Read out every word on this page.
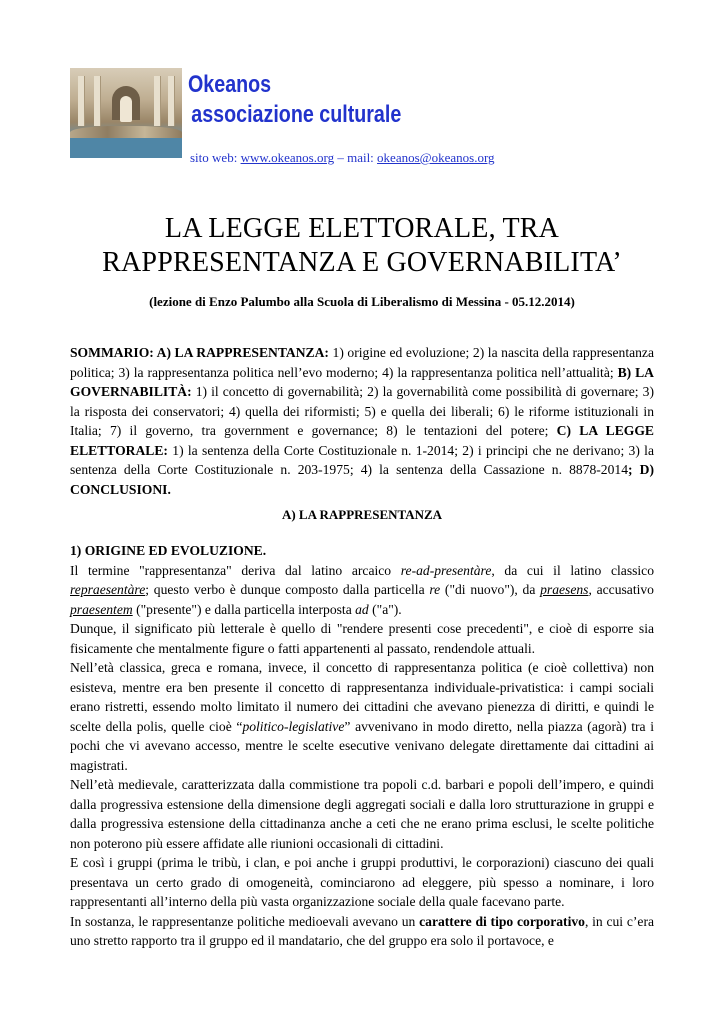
Okeanos
associazione culturale
sito web: www.okeanos.org – mail: okeanos@okeanos.org
LA LEGGE ELETTORALE, TRA
RAPPRESENTANZA E GOVERNABILITA’
(lezione di Enzo Palumbo alla Scuola di Liberalismo di Messina - 05.12.2014)
SOMMARIO: A) LA RAPPRESENTANZA: 1) origine ed evoluzione; 2) la nascita della rappresentanza politica; 3) la rappresentanza politica nell’evo moderno; 4) la rappresentanza politica nell’attualità; B) LA GOVERNABILITÀ: 1) il concetto di governabilità; 2) la governabilità come possibilità di governare; 3) la risposta dei conservatori; 4) quella dei riformisti; 5) e quella dei liberali; 6) le riforme istituzionali in Italia; 7) il governo, tra government e governance; 8) le tentazioni del potere; C) LA LEGGE ELETTORALE: 1) la sentenza della Corte Costituzionale n. 1-2014; 2) i principi che ne derivano; 3) la sentenza della Corte Costituzionale n. 203-1975; 4) la sentenza della Cassazione n. 8878-2014; D) CONCLUSIONI.
A) LA RAPPRESENTANZA

1) ORIGINE ED EVOLUZIONE.

Il termine "rappresentanza" deriva dal latino arcaico re-ad-presentàre, da cui il latino classico repraesentàre; questo verbo è dunque composto dalla particella re ("di nuovo"), da praesens, accusativo praesentem ("presente") e dalla particella interposta ad ("a").

Dunque, il significato più letterale è quello di "rendere presenti cose precedenti", e cioè di esporre sia fisicamente che mentalmente figure o fatti appartenenti al passato, rendendole attuali.

Nell’età classica, greca e romana, invece, il concetto di rappresentanza politica (e cioè collettiva) non esisteva, mentre era ben presente il concetto di rappresentanza individuale-privatistica: i campi sociali erano ristretti, essendo molto limitato il numero dei cittadini che avevano pienezza di diritti, e quindi le scelte della polis, quelle cioè “politico-legislative” avvenivano in modo diretto, nella piazza (agorà) tra i pochi che vi avevano accesso, mentre le scelte esecutive venivano delegate direttamente dai cittadini ai magistrati.

Nell’età medievale, caratterizzata dalla commistione tra popoli c.d. barbari e popoli dell’impero, e quindi dalla progressiva estensione della dimensione degli aggregati sociali e dalla loro strutturazione in gruppi e dalla progressiva estensione della cittadinanza anche a ceti che ne erano prima esclusi, le scelte politiche non poterono più essere affidate alle riunioni occasionali di cittadini.

E così i gruppi (prima le tribù, i clan, e poi anche i gruppi produttivi, le corporazioni) ciascuno dei quali presentava un certo grado di omogeneità, cominciarono ad eleggere, più spesso a nominare, i loro rappresentanti all’interno della più vasta organizzazione sociale della quale facevano parte.

In sostanza, le rappresentanze politiche medioevali avevano un carattere di tipo corporativo, in cui c’era uno stretto rapporto tra il gruppo ed il mandatario, che del gruppo era solo il portavoce, e
